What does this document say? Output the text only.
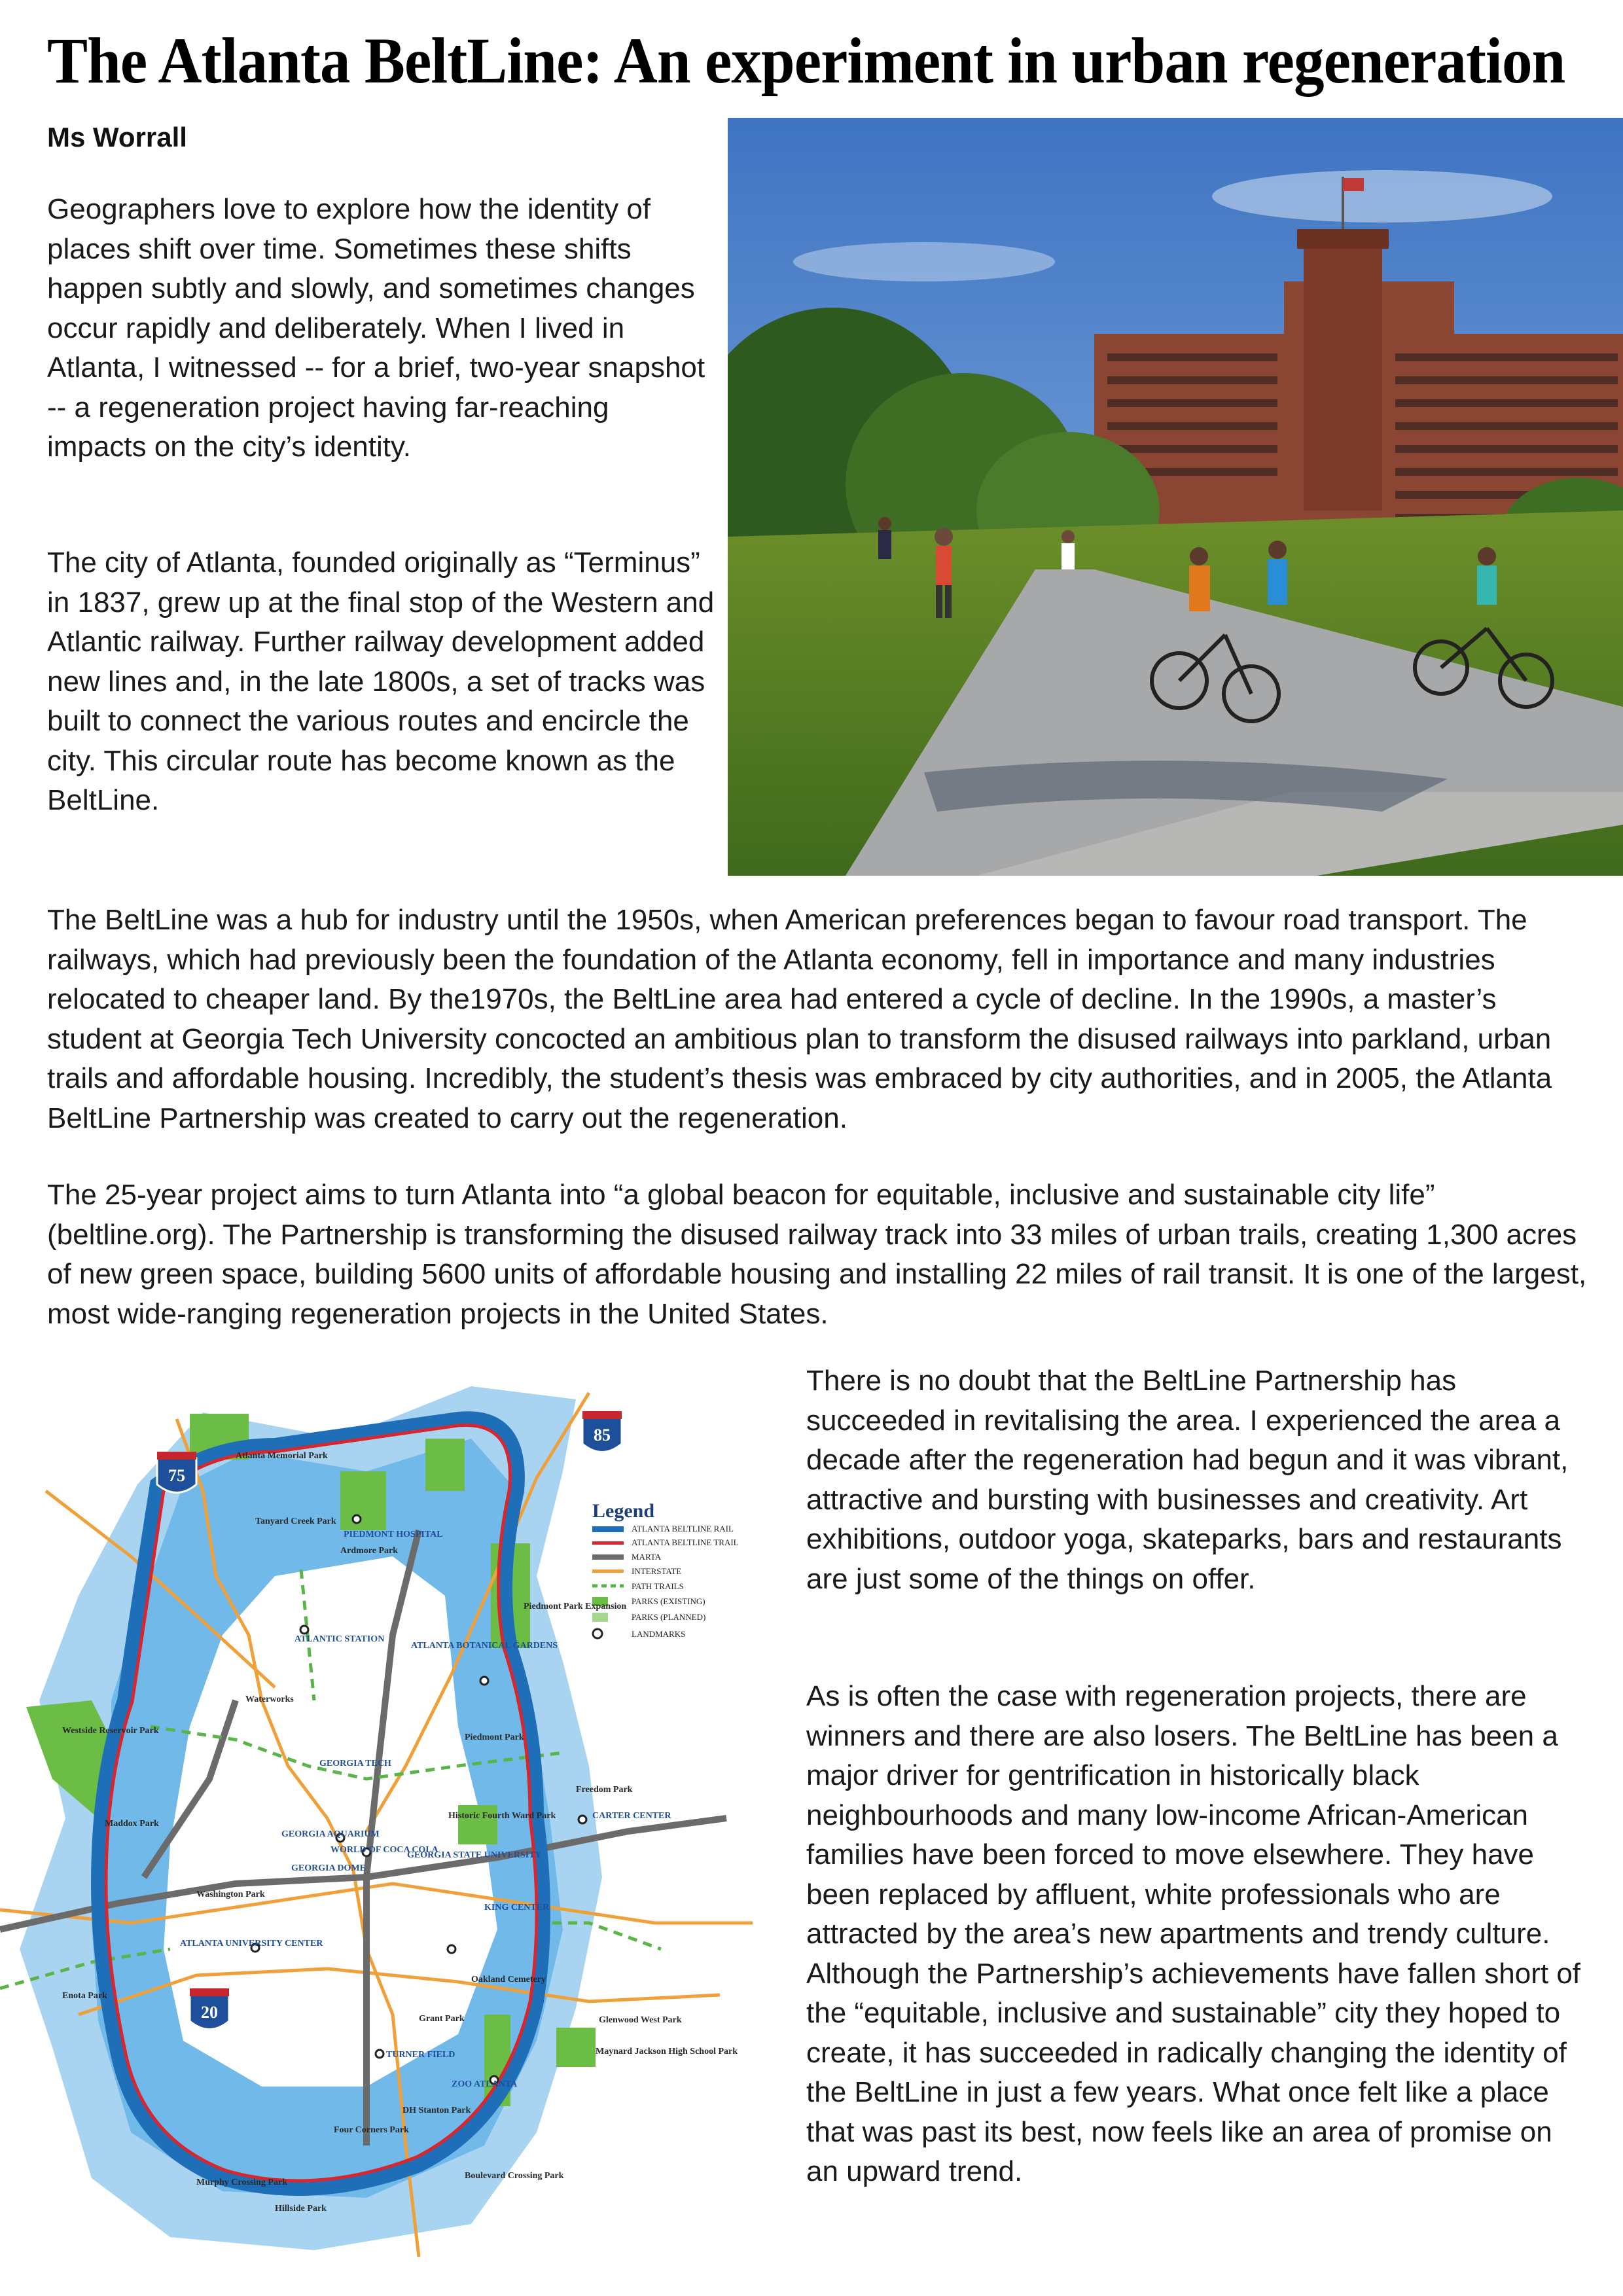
The Atlanta BeltLine: An experiment in urban regeneration
Ms Worrall

Geographers love to explore how the identity of places shift over time. Sometimes these shifts happen subtly and slowly, and sometimes changes occur rapidly and deliberately. When I lived in Atlanta, I witnessed -- for a brief, two-year snapshot -- a regeneration project having far-reaching impacts on the city’s identity.

The city of Atlanta, founded originally as “Terminus” in 1837, grew up at the final stop of the Western and Atlantic railway. Further railway development added new lines and, in the late 1800s, a set of tracks was built to connect the various routes and encircle the city. This circular route has become known as the BeltLine.

The BeltLine was a hub for industry until the 1950s, when American preferences began to favour road transport. The railways, which had previously been the foundation of the Atlanta economy, fell in importance and many industries relocated to cheaper land. By the1970s, the BeltLine area had entered a cycle of decline. In the 1990s, a master’s student at Georgia Tech University concocted an ambitious plan to transform the disused railways into parkland, urban trails and affordable housing. Incredibly, the student’s thesis was embraced by city authorities, and in 2005, the Atlanta BeltLine Partnership was created to carry out the regeneration.

The 25-year project aims to turn Atlanta into “a global beacon for equitable, inclusive and sustainable city life” (beltline.org). The Partnership is transforming the disused railway track into 33 miles of urban trails, creating 1,300 acres of new green space, building 5600 units of affordable housing and installing 22 miles of rail transit. It is one of the largest, most wide-ranging regeneration projects in the United States.

75
85
20
Legend
ATLANTA BELTLINE RAIL
ATLANTA BELTLINE TRAIL
MARTA
INTERSTATE
PATH TRAILS
PARKS (EXISTING)
PARKS (PLANNED)
LANDMARKS
Atlanta Memorial Park
Tanyard Creek Park
PIEDMONT HOSPITAL
Ardmore Park
Piedmont Park Expansion
ATLANTIC STATION
ATLANTA BOTANICAL GARDENS
Waterworks
Westside Reservoir Park
Piedmont Park
GEORGIA TECH
Freedom Park
Historic Fourth Ward Park	CARTER CENTER
Maddox Park
GEORGIA AQUARIUM
WORLD OF COCA COLA
GEORGIA STATE UNIVERSITY
GEORGIA DOME
Washington Park
KING CENTER
ATLANTA UNIVERSITY CENTER
Enota Park
Oakland Cemetery
Glenwood West Park
Grant Park
Maynard Jackson High School Park
TURNER FIELD
ZOO ATLANTA
DH Stanton Park
Four Corners Park
Boulevard Crossing Park
Murphy Crossing Park
Hillside Park

There is no doubt that the BeltLine Partnership has succeeded in revitalising the area. I experienced the area a decade after the regeneration had begun and it was vibrant, attractive and bursting with businesses and creativity. Art exhibitions, outdoor yoga, skateparks, bars and restaurants are just some of the things on offer.

As is often the case with regeneration projects, there are winners and there are also losers. The BeltLine has been a major driver for gentrification in historically black neighbourhoods and many low-income African-American families have been forced to move elsewhere. They have been replaced by affluent, white professionals who are attracted by the area’s new apartments and trendy culture. Although the Partnership’s achievements have fallen short of the “equitable, inclusive and sustainable” city they hoped to create, it has succeeded in radically changing the identity of the BeltLine in just a few years. What once felt like a place that was past its best, now feels like an area of promise on an upward trend.
